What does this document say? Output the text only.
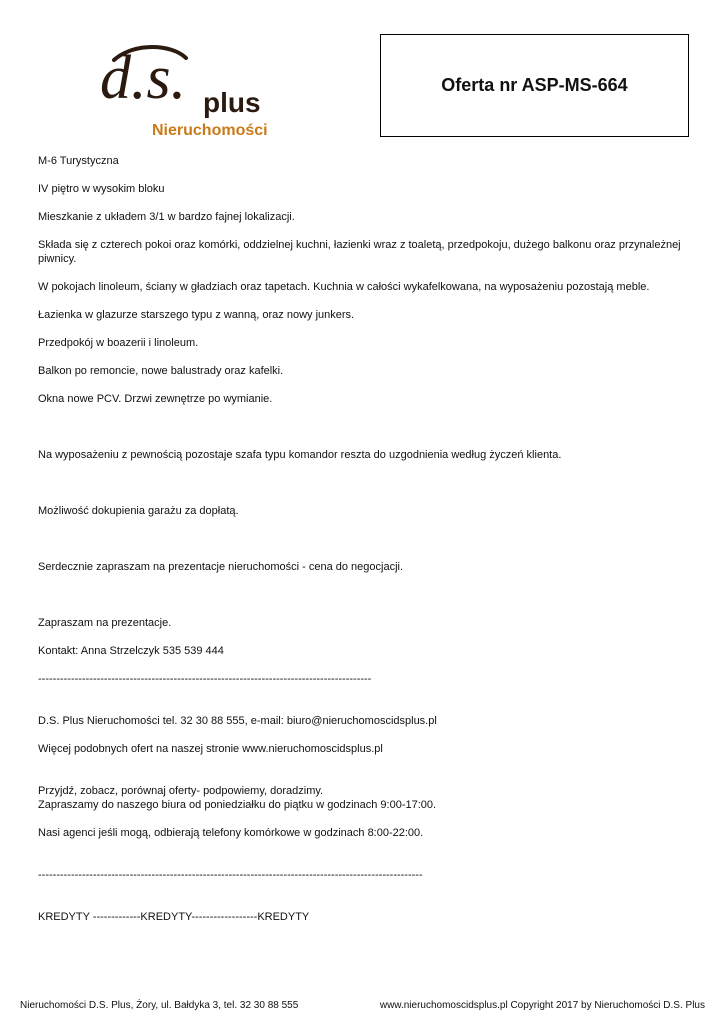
d.s. plus
Nieruchomości
Oferta nr ASP-MS-664

M-6 Turystyczna

IV piętro w wysokim bloku

Mieszkanie z układem 3/1 w bardzo fajnej lokalizacji.

Składa się z czterech pokoi oraz komórki, oddzielnej kuchni, łazienki wraz z toaletą, przedpokoju, dużego balkonu oraz przynależnej piwnicy.

W pokojach linoleum, ściany w gładziach oraz tapetach. Kuchnia w całości wykafelkowana, na wyposażeniu pozostają meble.

Łazienka w glazurze starszego typu z wanną, oraz nowy junkers.

Przedpokój w boazerii i linoleum.

Balkon po remoncie, nowe balustrady oraz kafelki.

Okna nowe PCV. Drzwi zewnętrze po wymianie.

Na wyposażeniu z pewnością pozostaje szafa typu komandor reszta do uzgodnienia według życzeń klienta.

Możliwość dokupienia garażu za dopłatą.

Serdecznie zapraszam na prezentacje nieruchomości - cena do negocjacji.

Zapraszam na prezentacje.

Kontakt: Anna Strzelczyk 535 539 444

-------------------------------------------------------------------------------------------

D.S. Plus Nieruchomości tel. 32 30 88 555, e-mail: biuro@nieruchomoscidsplus.pl

Więcej podobnych ofert na naszej stronie www.nieruchomoscidsplus.pl

Przyjdź, zobacz, porównaj oferty- podpowiemy, doradzimy.
Zapraszamy do naszego biura od poniedziałku do piątku w godzinach 9:00-17:00.

Nasi agenci jeśli mogą, odbierają telefony komórkowe w godzinach 8:00-22:00.

---------------------------------------------------------------------------------------------------------

KREDYTY -------------KREDYTY------------------KREDYTY

Nieruchomości D.S. Plus, Żory, ul. Bałdyka 3, tel. 32 30 88 555	www.nieruchomoscidsplus.pl Copyright 2017 by Nieruchomości D.S. Plus
